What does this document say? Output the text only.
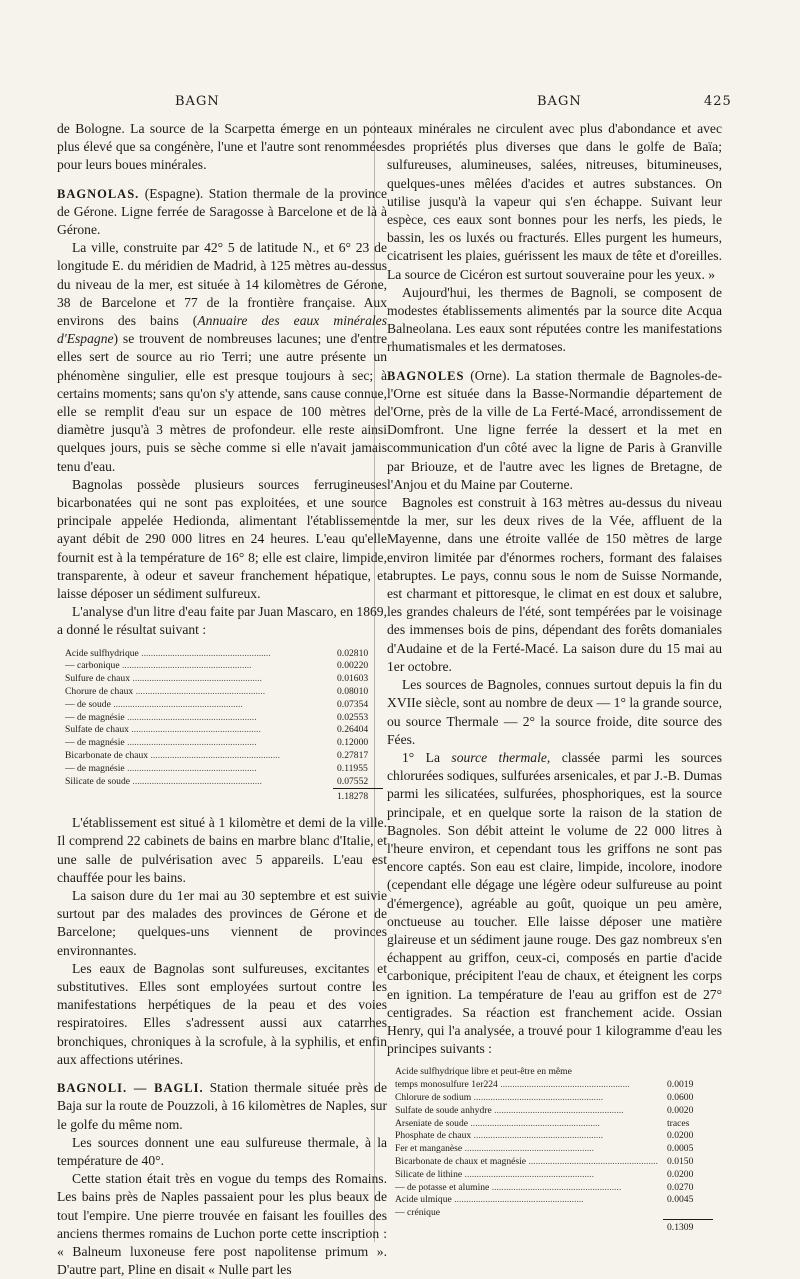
BAGN	BAGN	425

de Bologne. La source de la Scarpetta émerge en un pont plus élevé que sa congénère, l'une et l'autre sont renommées pour leurs boues minérales.

BAGNOLAS. (Espagne). Station thermale de la province de Gérone. Ligne ferrée de Saragosse à Barcelone et de là à Gérone.

La ville, construite par 42° 5 de latitude N., et 6° 23 de longitude E. du méridien de Madrid, à 125 mètres au-dessus du niveau de la mer, est située à 14 kilomètres de Gérone, 38 de Barcelone et 77 de la frontière française. Aux environs des bains (Annuaire des eaux minérales d'Espagne) se trouvent de nombreuses lacunes; une d'entre elles sert de source au rio Terri; une autre présente un phénomène singulier, elle est presque toujours à sec; à certains moments; sans qu'on s'y attende, sans cause connue, elle se remplit d'eau sur un espace de 100 mètres de diamètre jusqu'à 3 mètres de profondeur. elle reste ainsi quelques jours, puis se sèche comme si elle n'avait jamais tenu d'eau.

Bagnolas possède plusieurs sources ferrugineuses bicarbonatées qui ne sont pas exploitées, et une source principale appelée Hedionda, alimentant l'établissement ayant débit de 290 000 litres en 24 heures. L'eau qu'elle fournit est à la température de 16° 8; elle est claire, limpide, transparente, à odeur et saveur franchement hépatique, et laisse déposer un sédiment sulfureux.

L'analyse d'un litre d'eau faite par Juan Mascaro, en 1869, a donné le résultat suivant :

Acide sulfhydrique .....	0.02810
— carbonique .....	0.00220
Sulfure de chaux .....	0.01603
Chorure de chaux .....	0.08010
— de soude .....	0.07354
— de magnésie .....	0.02553
Sulfate de chaux .....	0.26404
— de magnésie .....	0.12000
Bicarbonate de chaux .....	0.27817
— de magnésie .....	0.11955
Silicate de soude .....	0.07552
	1.18278

L'établissement est situé à 1 kilomètre et demi de la ville. Il comprend 22 cabinets de bains en marbre blanc d'Italie, et une salle de pulvérisation avec 5 appareils. L'eau est chauffée pour les bains.

La saison dure du 1er mai au 30 septembre et est suivie surtout par des malades des provinces de Gérone et de Barcelone; quelques-uns viennent de provinces environnantes.

Les eaux de Bagnolas sont sulfureuses, excitantes et substitutives. Elles sont employées surtout contre les manifestations herpétiques de la peau et des voies respiratoires. Elles s'adressent aussi aux catarrhes bronchiques, chroniques à la scrofule, à la syphilis, et enfin aux affections utérines.

BAGNOLI. — BAGLI. Station thermale située près de Baja sur la route de Pouzzoli, à 16 kilomètres de Naples, sur le golfe du même nom.

Les sources donnent une eau sulfureuse thermale, à la température de 40°.

Cette station était très en vogue du temps des Romains. Les bains près de Naples passaient pour les plus beaux de tout l'empire. Une pierre trouvée en faisant les fouilles des anciens thermes romains de Luchon porte cette inscription : « Balneum luxoneuse fere post napolitense primum ». D'autre part, Pline en disait « Nulle part les

eaux minérales ne circulent avec plus d'abondance et avec des propriétés plus diverses que dans le golfe de Baïa; sulfureuses, alumineuses, salées, nitreuses, bitumineuses, quelques-unes mêlées d'acides et autres substances. On utilise jusqu'à la vapeur qui s'en échappe. Suivant leur espèce, ces eaux sont bonnes pour les nerfs, les pieds, le bassin, les os luxés ou fracturés. Elles purgent les humeurs, cicatrisent les plaies, guérissent les maux de tête et d'oreilles. La source de Cicéron est surtout souveraine pour les yeux. »

Aujourd'hui, les thermes de Bagnoli, se composent de modestes établissements alimentés par la source dite Acqua Balneolana. Les eaux sont réputées contre les manifestations rhumatismales et les dermatoses.

BAGNOLES (Orne). La station thermale de Bagnoles-de-l'Orne est située dans la Basse-Normandie département de l'Orne, près de la ville de La Ferté-Macé, arrondissement de Domfront. Une ligne ferrée la dessert et la met en communication d'un côté avec la ligne de Paris à Granville par Briouze, et de l'autre avec les lignes de Bretagne, de l'Anjou et du Maine par Couterne.

Bagnoles est construit à 163 mètres au-dessus du niveau de la mer, sur les deux rives de la Vée, affluent de la Mayenne, dans une étroite vallée de 150 mètres de large environ limitée par d'énormes rochers, formant des falaises abruptes. Le pays, connu sous le nom de Suisse Normande, est charmant et pittoresque, le climat en est doux et salubre, les grandes chaleurs de l'été, sont tempérées par le voisinage des immenses bois de pins, dépendant des forêts domaniales d'Audaine et de la Ferté-Macé. La saison dure du 15 mai au 1er octobre.

Les sources de Bagnoles, connues surtout depuis la fin du XVIIe siècle, sont au nombre de deux — 1° la grande source, ou source Thermale — 2° la source froide, dite source des Fées.

1° La source thermale, classée parmi les sources chlorurées sodiques, sulfurées arsenicales, et par J.-B. Dumas parmi les silicatées, sulfurées, phosphoriques, est la source principale, et en quelque sorte la raison de la station de Bagnoles. Son débit atteint le volume de 22 000 litres à l'heure environ, et cependant tous les griffons ne sont pas encore captés. Son eau est claire, limpide, incolore, inodore (cependant elle dégage une légère odeur sulfureuse au point d'émergence), agréable au goût, quoique un peu amère, onctueuse au toucher. Elle laisse déposer une matière glaireuse et un sédiment jaune rouge. Des gaz nombreux s'en échappent au griffon, ceux-ci, composés en partie d'acide carbonique, précipitent l'eau de chaux, et éteignent les corps en ignition. La température de l'eau au griffon est de 27° centigrades. Sa réaction est franchement acide. Ossian Henry, qui l'a analysée, a trouvé pour 1 kilogramme d'eau les principes suivants :

Acide sulfhydrique libre et peut-être en même	
temps monosulfure 1er224 .....	0.0019
Chlorure de sodium .....	0.0600
Sulfate de soude anhydre .....	0.0020
Arseniate de soude .....	traces
Phosphate de chaux .....	0.0200
Fer et manganèse .....	0.0005
Bicarbonate de chaux et magnésie .....	0.0150
Silicate de lithine .....	0.0200
— de potasse et alumine .....	0.0270
Acide ulmique .....	0.0045
— crénique	
	0.1309
